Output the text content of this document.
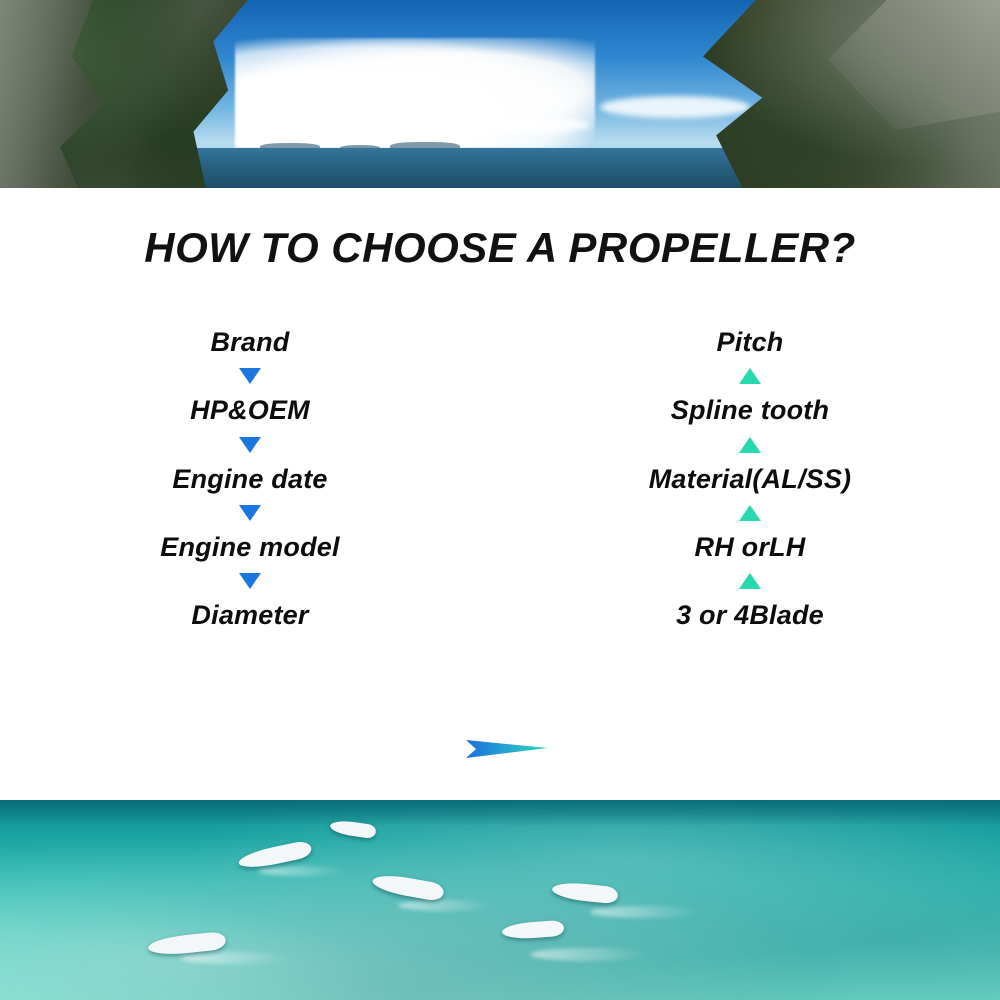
HOW TO CHOOSE A PROPELLER?
Brand
HP&OEM
Engine date
Engine model
Diameter
Pitch
Spline tooth
Material(AL/SS)
RH orLH
3 or 4Blade
